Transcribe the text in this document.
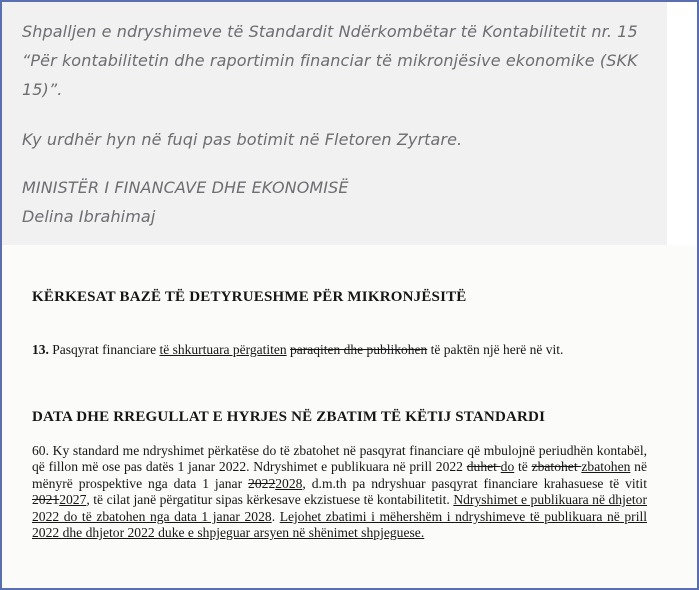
Shpalljen e ndryshimeve të Standardit Ndërkombëtar të Kontabilitetit nr. 15 “Për kontabilitetin dhe raportimin financiar të mikronjësive ekonomike (SKK 15)”.

Ky urdhër hyn në fuqi pas botimit në Fletoren Zyrtare.

MINISTËR I FINANCAVE DHE EKONOMISË
Delina Ibrahimaj

KËRKESAT BAZË TË DETYRUESHME PËR MIKRONJËSITË
13. Pasqyrat financiare të shkurtuara përgatiten paraqiten dhe publikohen të paktën një herë në vit.
DATA DHE RREGULLAT E HYRJES NË ZBATIM TË KËTIJ STANDARDI
60. Ky standard me ndryshimet përkatëse do të zbatohet në pasqyrat financiare që mbulojnë periudhën kontabël, që fillon më ose pas datës 1 janar 2022. Ndryshimet e publikuara në prill 2022 duhet do të zbatohet zbatohen në mënyrë prospektive nga data 1 janar 20222028, d.m.th pa ndryshuar pasqyrat financiare krahasuese të vitit 20212027, të cilat janë përgatitur sipas kërkesave ekzistuese të kontabilitetit. Ndryshimet e publikuara në dhjetor 2022 do të zbatohen nga data 1 janar 2028. Lejohet zbatimi i mëhershëm i ndryshimeve të publikuara në prill 2022 dhe dhjetor 2022 duke e shpjeguar arsyen në shënimet shpjeguese.
